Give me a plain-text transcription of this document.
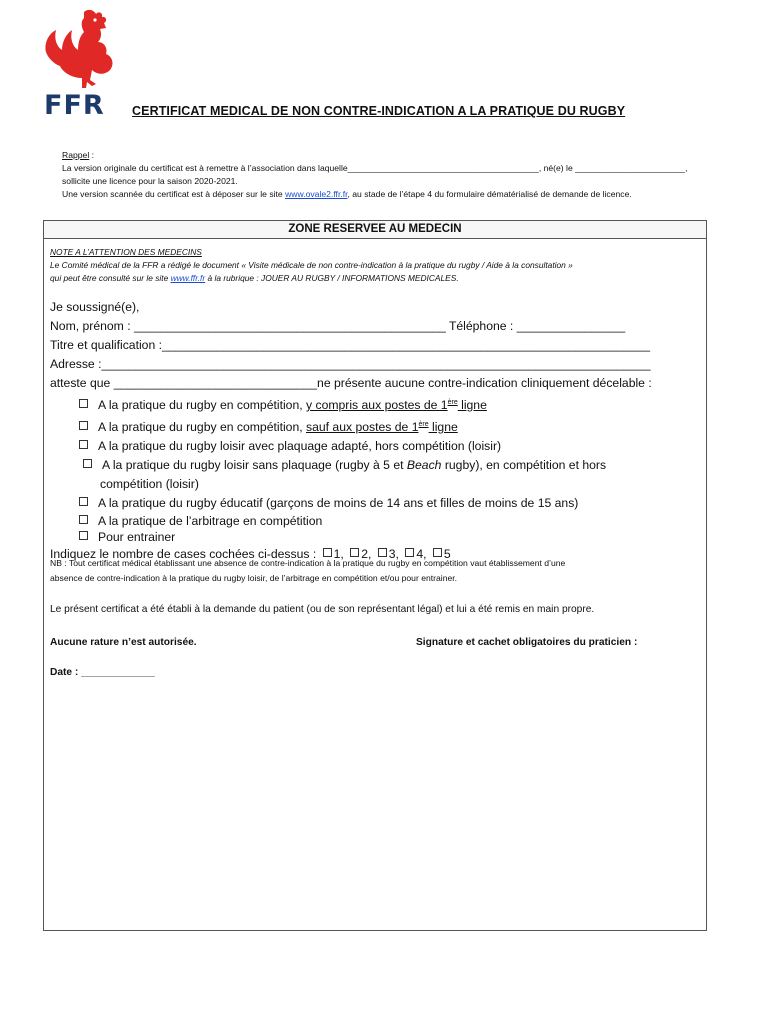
FFR CERTIFICAT MEDICAL DE NON CONTRE-INDICATION A LA PRATIQUE DU RUGBY
Rappel :
La version originale du certificat est à remettre à l’association dans laquelle________________________________________, né(e) le _______________________,
sollicite une licence pour la saison 2020-2021.
Une version scannée du certificat est à déposer sur le site www.ovale2.ffr.fr, au stade de l’étape 4 du formulaire dématérialisé de demande de licence.
ZONE RESERVEE AU MEDECIN
NOTE A L’ATTENTION DES MEDECINS
Le Comité médical de la FFR a rédigé le document « Visite médicale de non contre-indication à la pratique du rugby / Aide à la consultation »
qui peut être consulté sur le site www.ffr.fr à la rubrique : JOUER AU RUGBY / INFORMATIONS MEDICALES.
Je soussigné(e),
Nom, prénom : ______________________________________________ Téléphone : ________________
Titre et qualification :________________________________________________________________________
Adresse :_________________________________________________________________________________
atteste que ______________________________ne présente aucune contre-indication cliniquement décelable :
A la pratique du rugby en compétition, y compris aux postes de 1ère ligne
A la pratique du rugby en compétition, sauf aux postes de 1ère ligne
A la pratique du rugby loisir avec plaquage adapté, hors compétition (loisir)
A la pratique du rugby loisir sans plaquage (rugby à 5 et Beach rugby), en compétition et hors
compétition (loisir)
A la pratique du rugby éducatif (garçons de moins de 14 ans et filles de moins de 15 ans)
A la pratique de l’arbitrage en compétition
Pour entrainer
Indiquez le nombre de cases cochées ci-dessus : 1, 2, 3, 4, 5
NB : Tout certificat médical établissant une absence de contre-indication à la pratique du rugby en compétition vaut établissement d’une
absence de contre-indication à la pratique du rugby loisir, de l’arbitrage en compétition et/ou pour entrainer.
Le présent certificat a été établi à la demande du patient (ou de son représentant légal) et lui a été remis en main propre.
Aucune rature n’est autorisée.	Signature et cachet obligatoires du praticien :
Date : _____________
